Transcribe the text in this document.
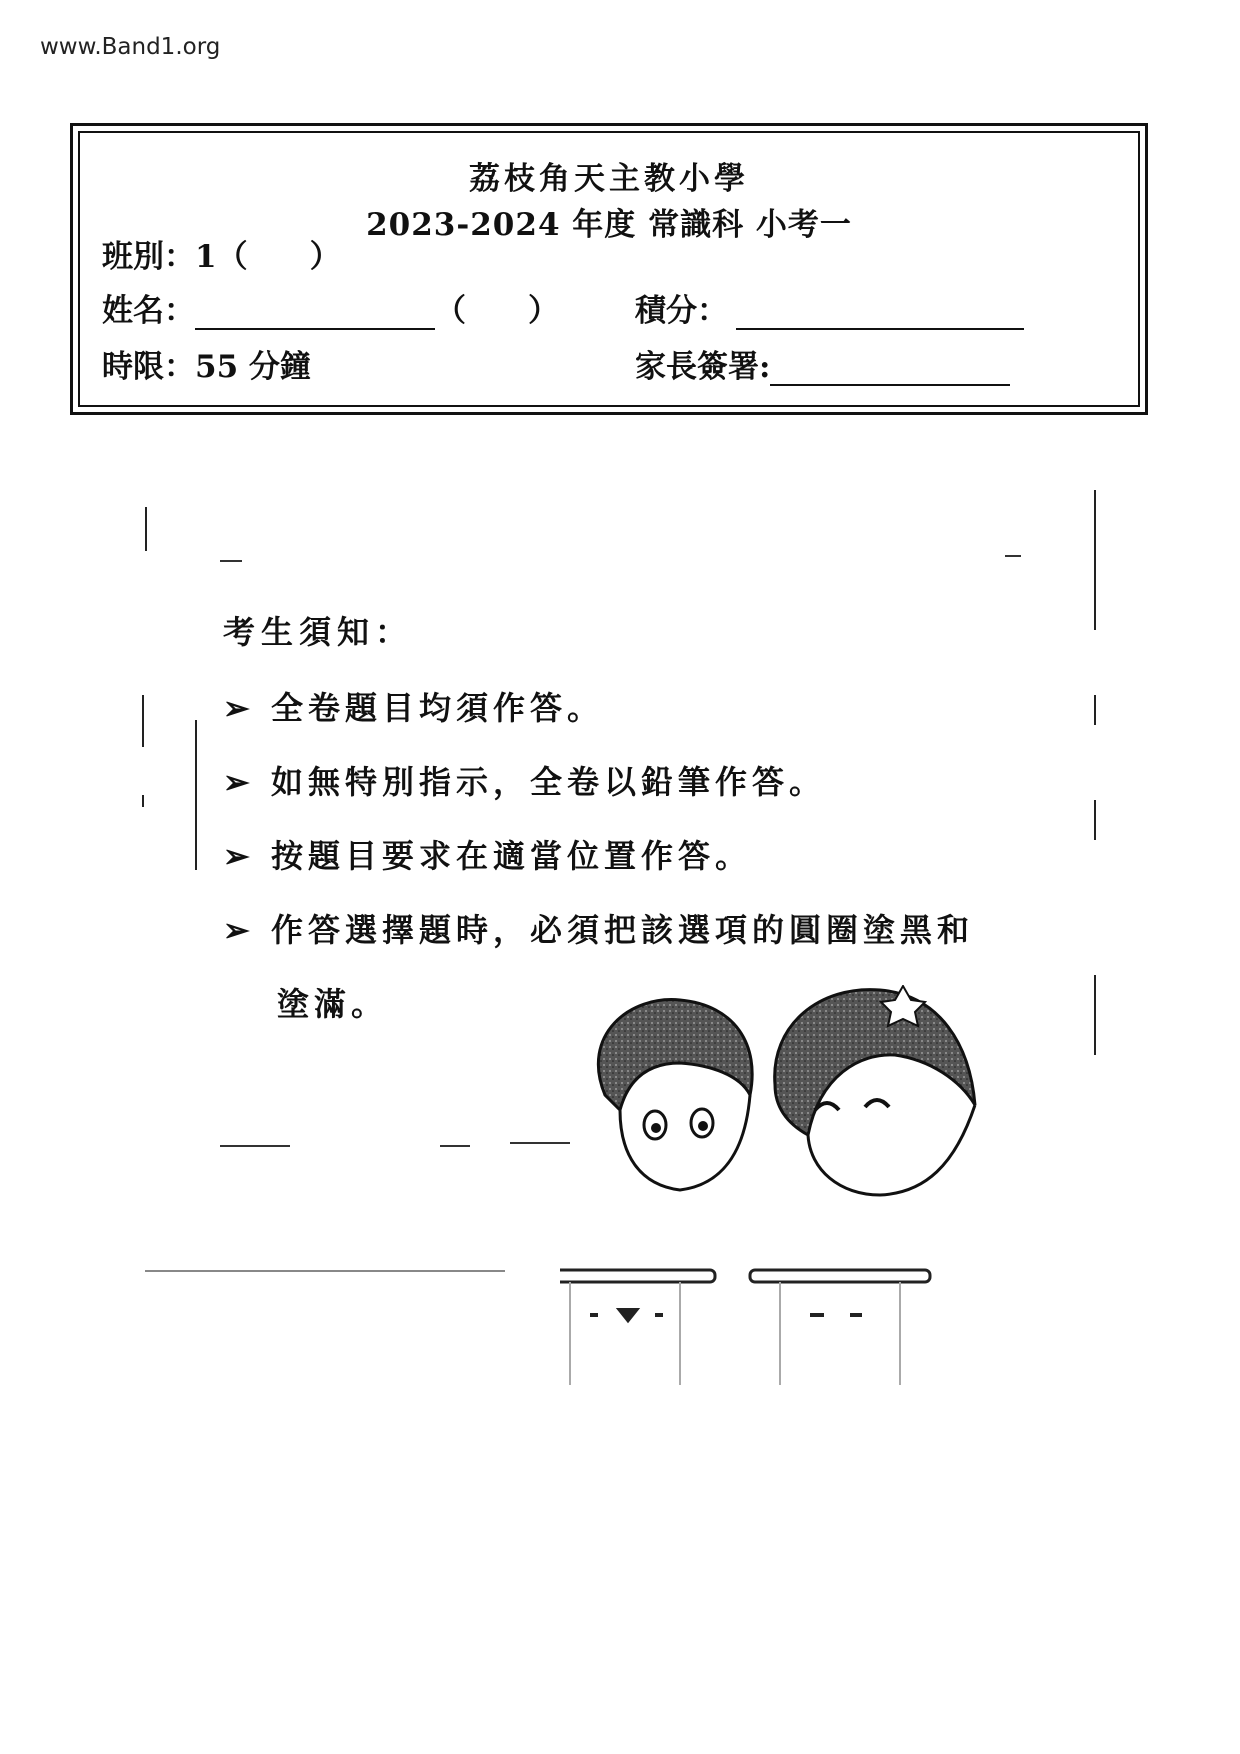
www.Band1.org
荔枝角天主教小學
2023-2024 年度 常識科 小考一
班別：1（　　）
姓名：	（　　） 積分：
時限：55 分鐘	家長簽署:
考生須知：
➢ 全卷題目均須作答。
➢ 如無特別指示，全卷以鉛筆作答。
➢ 按題目要求在適當位置作答。
➢ 作答選擇題時，必須把該選項的圓圈塗黑和
塗滿。
